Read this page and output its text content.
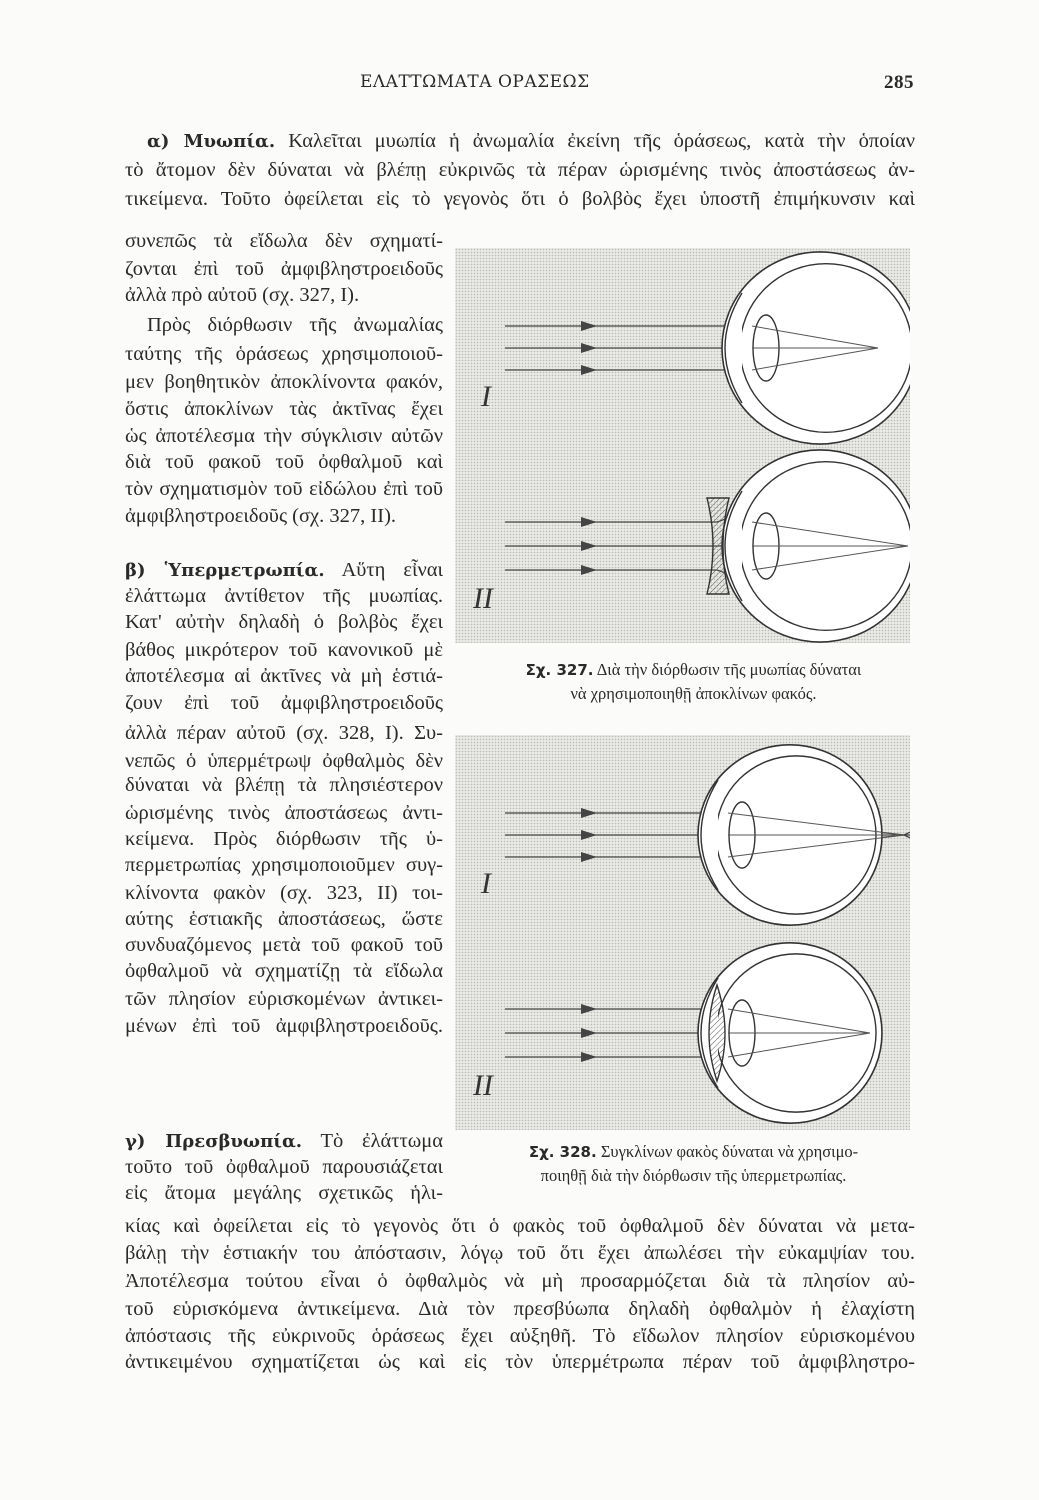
ΕΛΑΤΤΩΜΑΤΑ ΟΡΑΣΕΩΣ	285
α) Μυωπία. Καλεῖται μυωπία ἡ ἀνωμαλία ἐκείνη τῆς ὁράσεως, κατὰ τὴν ὁποίαν
τὸ ἄτομον δὲν δύναται νὰ βλέπῃ εὐκρινῶς τὰ πέραν ὡρισμένης τινὸς ἀποστάσεως ἀν-
τικείμενα. Τοῦτο ὀφείλεται εἰς τὸ γεγονὸς ὅτι ὁ βολβὸς ἔχει ὑποστῆ ἐπιμήκυνσιν καὶ
συνεπῶς τὰ εἴδωλα δὲν σχηματί-
ζονται ἐπὶ τοῦ ἀμφιβληστροειδοῦς
ἀλλὰ πρὸ αὐτοῦ (σχ. 327, I).
Πρὸς διόρθωσιν τῆς ἀνωμαλίας
ταύτης τῆς ὁράσεως χρησιμοποιοῦ-
μεν βοηθητικὸν ἀποκλίνοντα φακόν,
ὅστις ἀποκλίνων τὰς ἀκτῖνας ἔχει
ὡς ἀποτέλεσμα τὴν σύγκλισιν αὐτῶν
διὰ τοῦ φακοῦ τοῦ ὀφθαλμοῦ καὶ
τὸν σχηματισμὸν τοῦ εἰδώλου ἐπὶ τοῦ
ἀμφιβληστροειδοῦς (σχ. 327, II).
β) Ὑπερμετρωπία. Αὕτη εἶναι
ἐλάττωμα ἀντίθετον τῆς μυωπίας.
Κατ' αὐτὴν δηλαδὴ ὁ βολβὸς ἔχει
βάθος μικρότερον τοῦ κανονικοῦ μὲ
ἀποτέλεσμα αἱ ἀκτῖνες νὰ μὴ ἑστιά-
ζουν ἐπὶ τοῦ ἀμφιβληστροειδοῦς
ἀλλὰ πέραν αὐτοῦ (σχ. 328, I). Συ-
νεπῶς ὁ ὑπερμέτρωψ ὀφθαλμὸς δὲν
δύναται νὰ βλέπῃ τὰ πλησιέστερον
ὡρισμένης τινὸς ἀποστάσεως ἀντι-
κείμενα. Πρὸς διόρθωσιν τῆς ὑ-
περμετρωπίας χρησιμοποιοῦμεν συγ-
κλίνοντα φακὸν (σχ. 323, II) τοι-
αύτης ἑστιακῆς ἀποστάσεως, ὥστε
συνδυαζόμενος μετὰ τοῦ φακοῦ τοῦ
ὀφθαλμοῦ νὰ σχηματίζῃ τὰ εἴδωλα
τῶν πλησίον εὑρισκομένων ἀντικει-
μένων ἐπὶ τοῦ ἀμφιβληστροειδοῦς.
γ) Πρεσβυωπία. Τὸ ἐλάττωμα
τοῦτο τοῦ ὀφθαλμοῦ παρουσιάζεται
εἰς ἄτομα μεγάλης σχετικῶς ἡλι-
κίας καὶ ὀφείλεται εἰς τὸ γεγονὸς ὅτι ὁ φακὸς τοῦ ὀφθαλμοῦ δὲν δύναται νὰ μετα-
βάλῃ τὴν ἑστιακήν του ἀπόστασιν, λόγῳ τοῦ ὅτι ἔχει ἀπωλέσει τὴν εὐκαμψίαν του.
Ἀποτέλεσμα τούτου εἶναι ὁ ὀφθαλμὸς νὰ μὴ προσαρμόζεται διὰ τὰ πλησίον αὐ-
τοῦ εὑρισκόμενα ἀντικείμενα. Διὰ τὸν πρεσβύωπα δηλαδὴ ὀφθαλμὸν ἡ ἐλαχίστη
ἀπόστασις τῆς εὐκρινοῦς ὁράσεως ἔχει αὐξηθῆ. Τὸ εἴδωλον πλησίον εὑρισκομένου
ἀντικειμένου σχηματίζεται ὡς καὶ εἰς τὸν ὑπερμέτρωπα πέραν τοῦ ἀμφιβληστρο-
I
II
Σχ. 327. Διὰ τὴν διόρθωσιν τῆς μυωπίας δύναται
νὰ χρησιμοποιηθῇ ἀποκλίνων φακός.
I
II
Σχ. 328. Συγκλίνων φακὸς δύναται νὰ χρησιμο-
ποιηθῇ διὰ τὴν διόρθωσιν τῆς ὑπερμετρωπίας.
